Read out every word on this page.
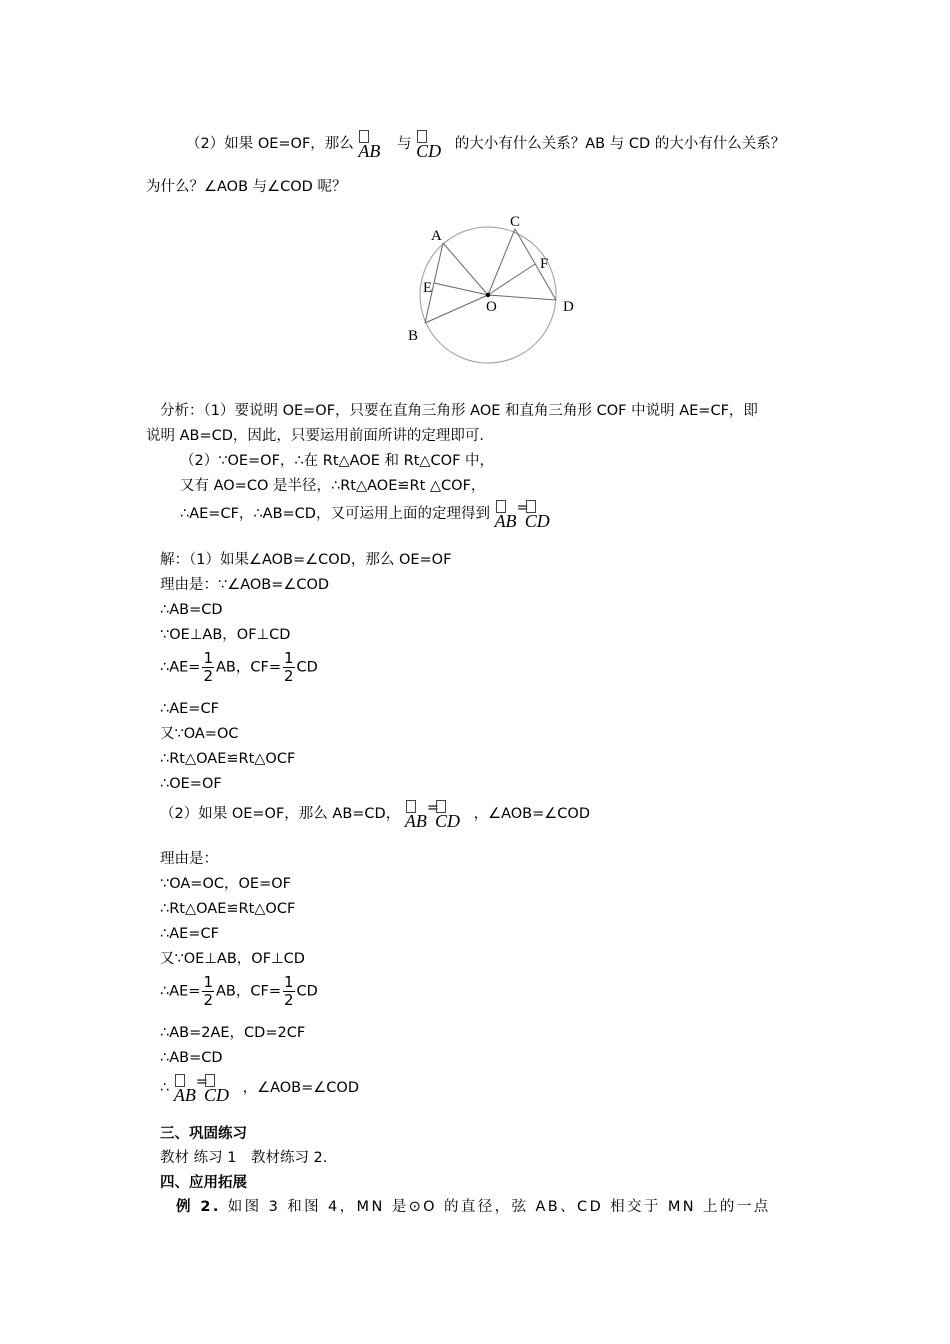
（2）如果 OE=OF，那么 AB 与 CD 的大小有什么关系？AB 与 CD 的大小有什么关系？
为什么？∠AOB 与∠COD 呢？
A
B
C
D
E
F
O
分析：（1）要说明 OE=OF，只要在直角三角形 AOE 和直角三角形 COF 中说明 AE=CF，即
说明 AB=CD，因此，只要运用前面所讲的定理即可.
（2）∵OE=OF，∴在 Rt△AOE 和 Rt△COF 中，
又有 AO=CO 是半径，∴Rt△AOE≌Rt △COF，
∴AE=CF，∴AB=CD，又可运用上面的定理得到 AB
=
CD
解：（1）如果∠AOB=∠COD，那么 OE=OF
理由是：∵∠AOB=∠COD
∴AB=CD
∵OE⊥AB，OF⊥CD
∴AE= $\frac{1}{2}$ AB，$CF= \frac{1}{2}$ CD
∴AE=CF
又∵OA=OC
∴Rt△OAE≌Rt△OCF
∴OE=OF
（2）如果 OE=OF，那么 AB=CD， AB
=
CD ，∠AOB=∠COD
理由是：
∵OA=OC，OE=OF
∴Rt△OAE≌Rt△OCF
∴AE=CF
又∵OE⊥AB，OF⊥CD
∴AE= $\frac{1}{2}$ AB，$CF= \frac{1}{2}$ CD
∴AB=2AE，CD=2CF
∴AB=CD
∴ AB
=
CD ，∠AOB=∠COD
三、巩固练习
教材 练习 1　教材练习 2.
四、应用拓展
例 2. 如图 3 和图 4，MN 是⊙O 的直径，弦 AB、CD 相交于 MN 上的一点
